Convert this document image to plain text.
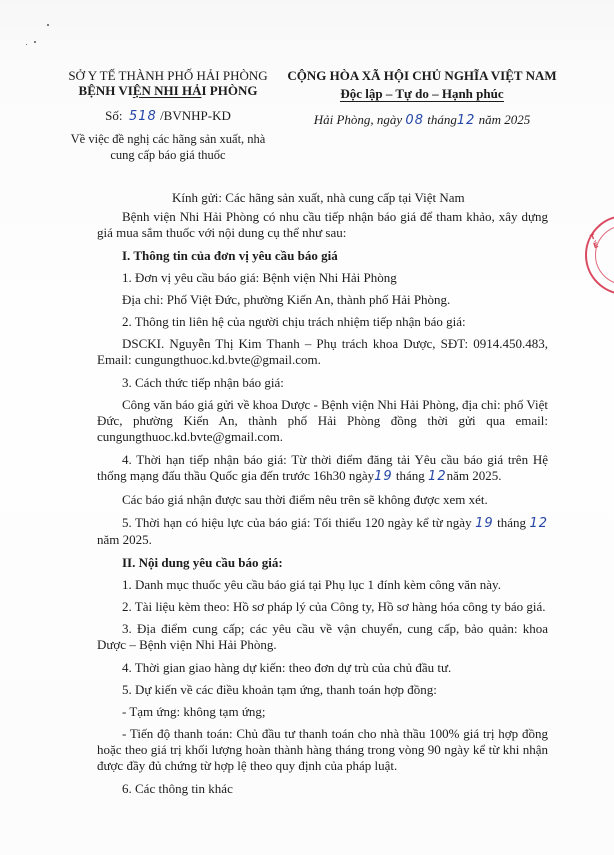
SỞ Y TẾ THÀNH PHỐ HẢI PHÒNG
BỆNH VIỆN NHI HẢI PHÒNG
Số: 518 /BVNHP-KD
Về việc đề nghị các hãng sản xuất, nhà
cung cấp báo giá thuốc
CỘNG HÒA XÃ HỘI CHỦ NGHĨA VIỆT NAM
Độc lập – Tự do – Hạnh phúc
Hải Phòng, ngày 08 tháng12 năm 2025

Kính gửi: Các hãng sản xuất, nhà cung cấp tại Việt Nam

Bệnh viện Nhi Hải Phòng có nhu cầu tiếp nhận báo giá để tham khảo, xây dựng giá mua sắm thuốc với nội dung cụ thể như sau:

I. Thông tin của đơn vị yêu cầu báo giá

1. Đơn vị yêu cầu báo giá: Bệnh viện Nhi Hải Phòng

Địa chỉ: Phố Việt Đức, phường Kiến An, thành phố Hải Phòng.

2. Thông tin liên hệ của người chịu trách nhiệm tiếp nhận báo giá:

DSCKI. Nguyễn Thị Kim Thanh – Phụ trách khoa Dược, SĐT: 0914.450.483, Email: cungungthuoc.kd.bvte@gmail.com.

3. Cách thức tiếp nhận báo giá:

Công văn báo giá gửi về khoa Dược - Bệnh viện Nhi Hải Phòng, địa chỉ: phố Việt Đức, phường Kiến An, thành phố Hải Phòng đồng thời gửi qua email: cungungthuoc.kd.bvte@gmail.com.

4. Thời hạn tiếp nhận báo giá: Từ thời điểm đăng tải Yêu cầu báo giá trên Hệ thống mạng đấu thầu Quốc gia đến trước 16h30 ngày19 tháng 12năm 2025.

Các báo giá nhận được sau thời điểm nêu trên sẽ không được xem xét.

5. Thời hạn có hiệu lực của báo giá: Tối thiểu 120 ngày kể từ ngày 19 tháng 12 năm 2025.

II. Nội dung yêu cầu báo giá:

1. Danh mục thuốc yêu cầu báo giá tại Phụ lục 1 đính kèm công văn này.

2. Tài liệu kèm theo: Hồ sơ pháp lý của Công ty, Hồ sơ hàng hóa công ty báo giá.

3. Địa điểm cung cấp; các yêu cầu về vận chuyển, cung cấp, bảo quản: khoa Dược – Bệnh viện Nhi Hải Phòng.

4. Thời gian giao hàng dự kiến: theo đơn dự trù của chủ đầu tư.

5. Dự kiến về các điều khoản tạm ứng, thanh toán hợp đồng:

- Tạm ứng: không tạm ứng;

- Tiến độ thanh toán: Chủ đầu tư thanh toán cho nhà thầu 100% giá trị hợp đồng hoặc theo giá trị khối lượng hoàn thành hàng tháng trong vòng 90 ngày kể từ khi nhận được đầy đủ chứng từ hợp lệ theo quy định của pháp luật.

6. Các thông tin khác

T
Ế
